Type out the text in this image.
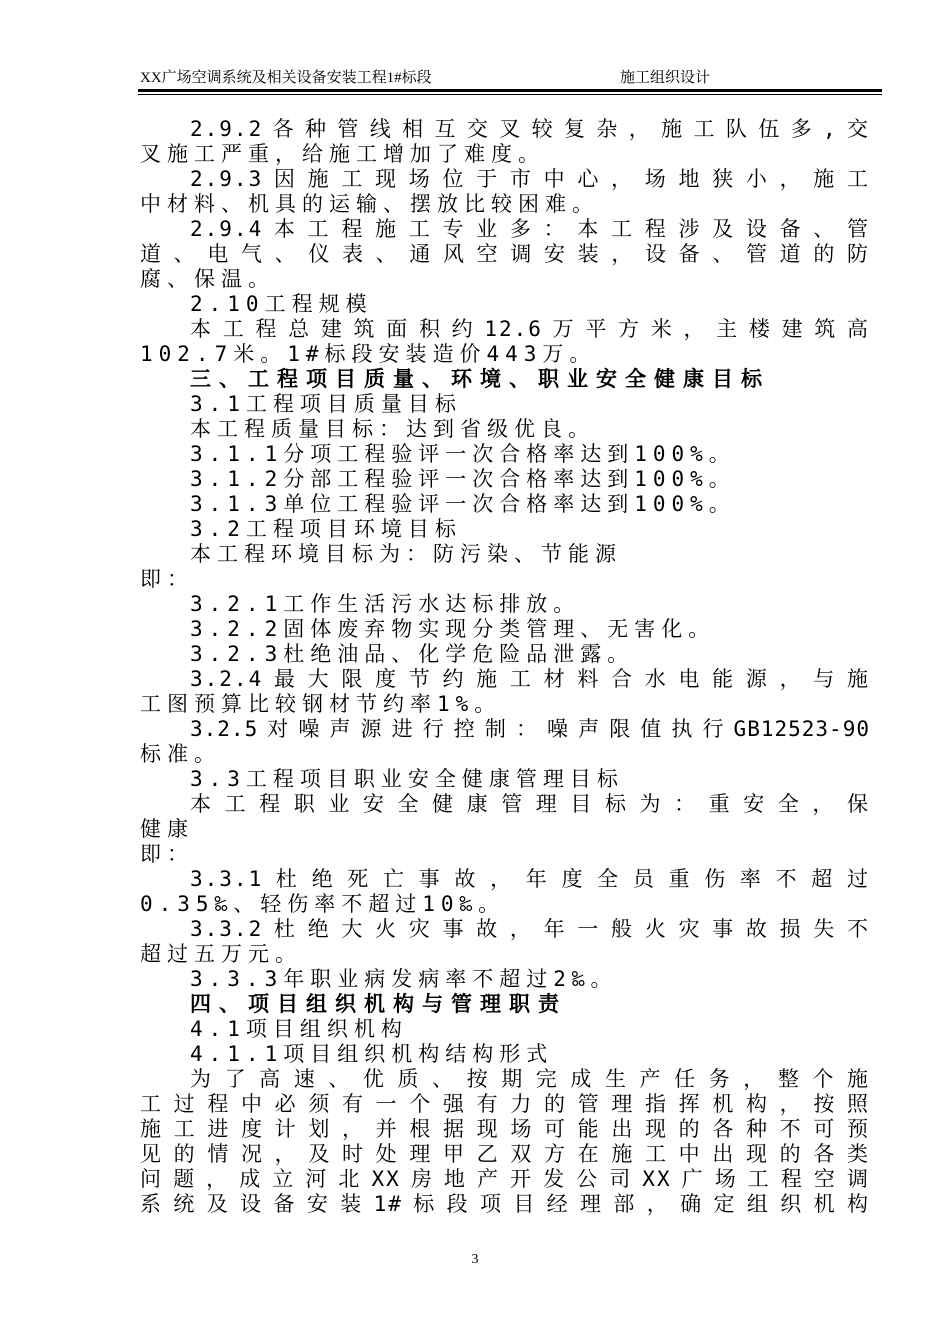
XX广场空调系统及相关设备安装工程1#标段	施工组织设计
2.9.2各种管线相互交叉较复杂，施工队伍多,交
叉施工严重，给施工增加了难度。
2.9.3因施工现场位于市中心，场地狭小，施工
中材料、机具的运输、摆放比较困难。
2.9.4本工程施工专业多：本工程涉及设备、管
道、电气、仪表、通风空调安装，设备、管道的防
腐、保温。
2.10工程规模
本工程总建筑面积约12.6万平方米，主楼建筑高
102.7米。1#标段安装造价443万。
三、工程项目质量、环境、职业安全健康目标
3.1工程项目质量目标
本工程质量目标：达到省级优良。
3.1.1分项工程验评一次合格率达到100%。
3.1.2分部工程验评一次合格率达到100%。
3.1.3单位工程验评一次合格率达到100%。
3.2工程项目环境目标
本工程环境目标为：防污染、节能源
即：
3.2.1工作生活污水达标排放。
3.2.2固体废弃物实现分类管理、无害化。
3.2.3杜绝油品、化学危险品泄露。
3.2.4最大限度节约施工材料合水电能源，与施
工图预算比较钢材节约率1%。
3.2.5对噪声源进行控制：噪声限值执行GB12523-90
标准。
3.3工程项目职业安全健康管理目标
本工程职业安全健康管理目标为：重安全，保
健康
即：
3.3.1杜绝死亡事故，年度全员重伤率不超过
0.35‰、轻伤率不超过10‰。
3.3.2杜绝大火灾事故，年一般火灾事故损失不
超过五万元。
3.3.3年职业病发病率不超过2‰。
四、项目组织机构与管理职责
4.1项目组织机构
4.1.1项目组织机构结构形式
为了高速、优质、按期完成生产任务，整个施
工过程中必须有一个强有力的管理指挥机构，按照
施工进度计划，并根据现场可能出现的各种不可预
见的情况，及时处理甲乙双方在施工中出现的各类
问题，成立河北XX房地产开发公司XX广场工程空调
系统及设备安装1#标段项目经理部，确定组织机构
3
